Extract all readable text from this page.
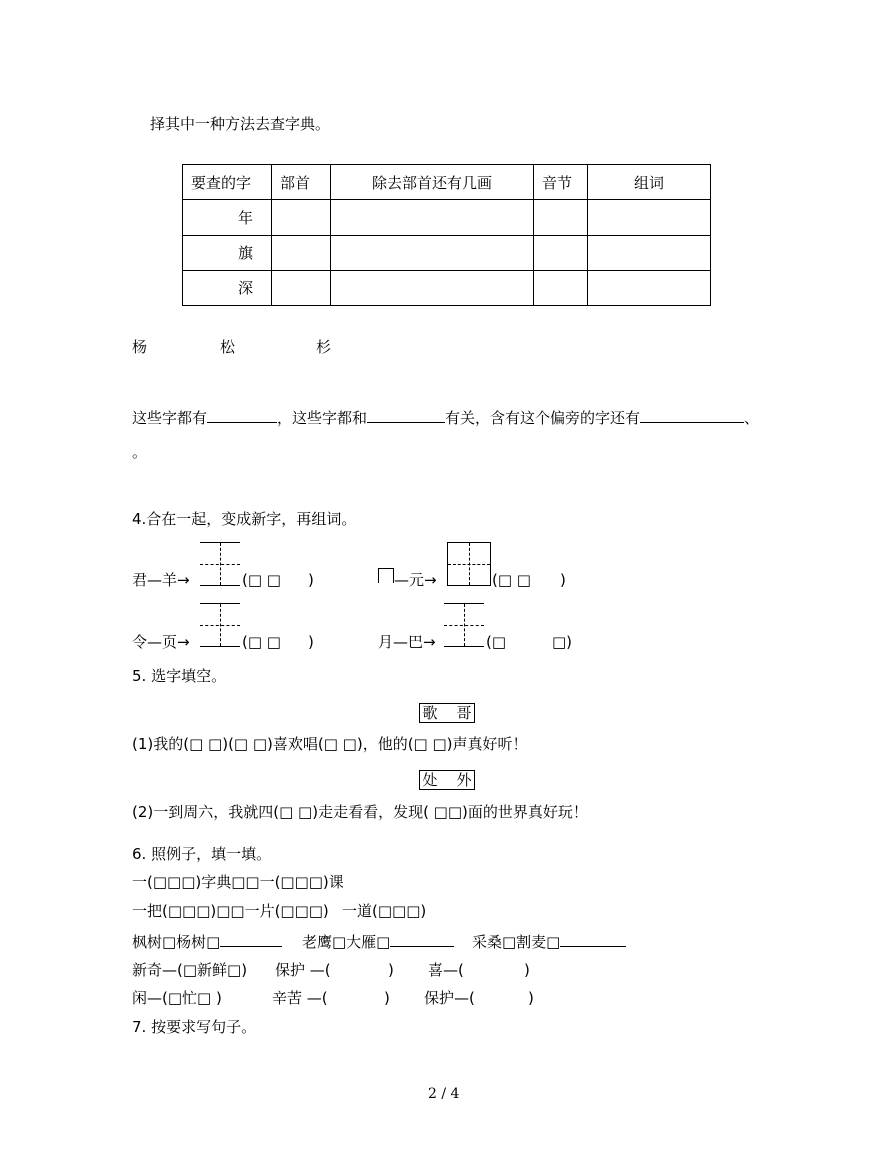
择其中一种方法去查字典。
要查的字	部首	除去部首还有几画	音节	组词
年				
旗				
深				
杨	松	杉
这些字都有	，这些字都和	有关，含有这个偏旁的字还有	、
。
4.合在一起，变成新字，再组词。
君—羊→	(□ □ )	—元→	(□ □ )
令—页→	(□ □ )	月—巴→	(□	□)
5. 选字填空。
歌 哥
(1)我的(□ □)(□ □)喜欢唱(□ □)，他的(□ □)声真好听！
处 外
(2)一到周六，我就四(□ □)走走看看，发现( □□)面的世界真好玩！
6. 照例子，填一填。
一(□□□)字典□□一(□□□)课
一把(□□□)□□一片(□□□) 一道(□□□)
枫树□杨树□	老鹰□大雁□	采桑□割麦□
新奇—(□新鲜□) 保护 —(	) 喜—(	)
闲—(□忙□ )	辛苦 —(	) 保护—(	)
7. 按要求写句子。
2 / 4
